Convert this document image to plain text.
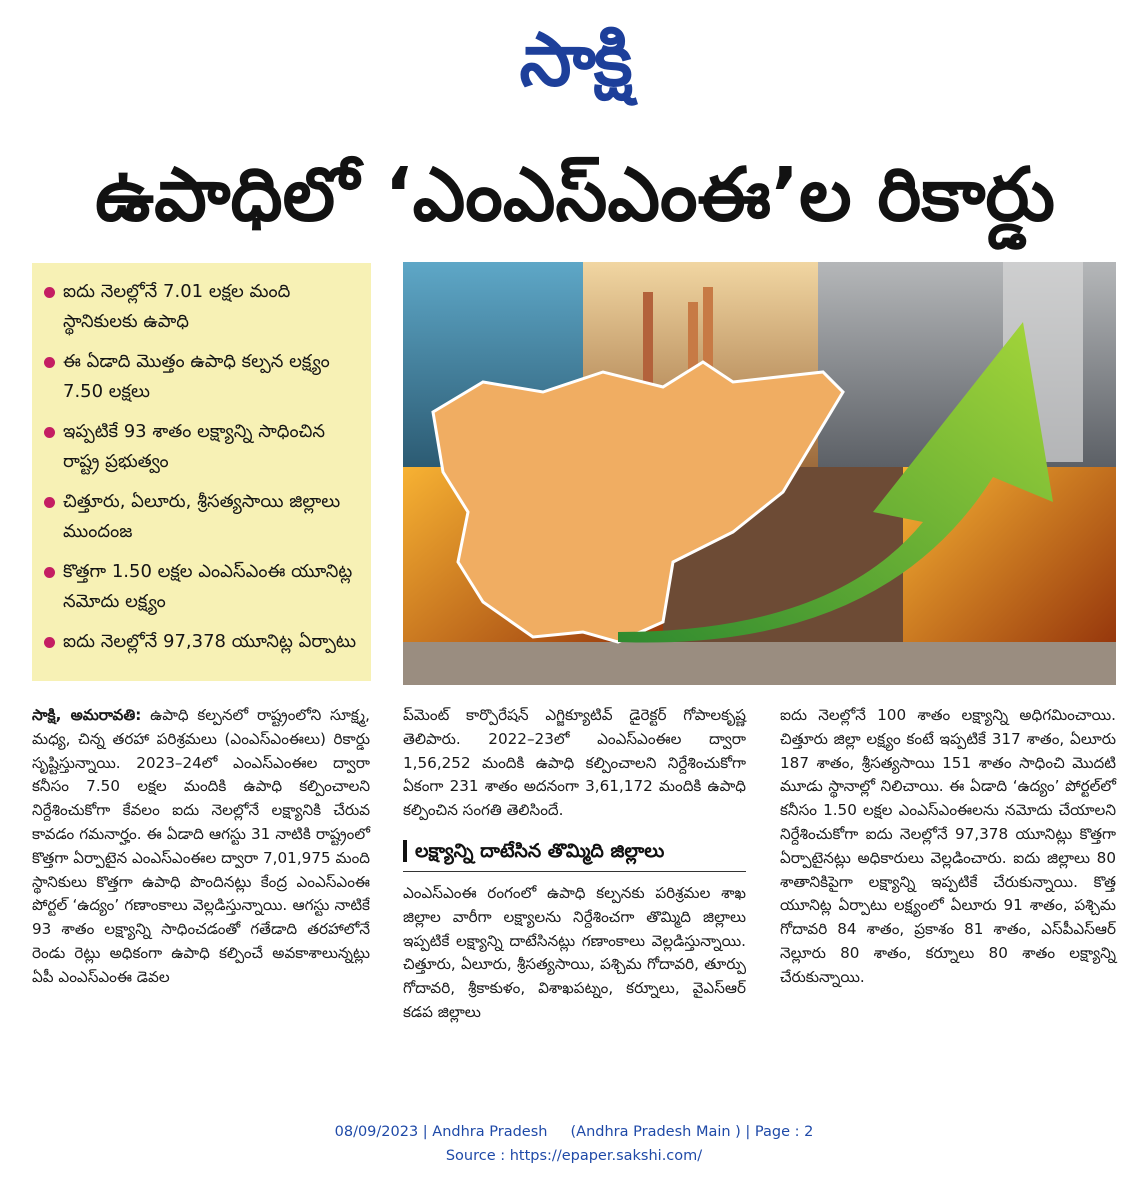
సాక్షి
ఉపాధిలో ‘ఎంఎస్‌ఎంఈ’ల రికార్డు
ఐదు నెలల్లోనే 7.01 లక్షల మంది స్థానికులకు ఉపాధి
ఈ ఏడాది మొత్తం ఉపాధి కల్పన లక్ష్యం 7.50 లక్షలు
ఇప్పటికే 93 శాతం లక్ష్యాన్ని సాధించిన రాష్ట్ర ప్రభుత్వం
చిత్తూరు, ఏలూరు, శ్రీసత్యసాయి జిల్లాలు ముందంజ
కొత్తగా 1.50 లక్షల ఎంఎస్‌ఎంఈ యూనిట్ల నమోదు లక్ష్యం
ఐదు నెలల్లోనే 97,378 యూనిట్ల ఏర్పాటు

సాక్షి, అమరావతి: ఉపాధి కల్పనలో రాష్ట్రంలోని సూక్ష్మ, మధ్య, చిన్న తరహా పరిశ్రమలు (ఎంఎస్‌ఎంఈలు) రికార్డు సృష్టిస్తున్నాయి. 2023–24లో ఎంఎస్‌ఎంఈల ద్వారా కనీసం 7.50 లక్షల మందికి ఉపాధి కల్పించాలని నిర్దేశించుకోగా కేవలం ఐదు నెలల్లోనే లక్ష్యానికి చేరువ కావడం గమనార్హం. ఈ ఏడాది ఆగస్టు 31 నాటికి రాష్ట్రంలో కొత్తగా ఏర్పాటైన ఎంఎస్‌ఎంఈల ద్వారా 7,01,975 మంది స్థానికులు కొత్తగా ఉపాధి పొందినట్లు కేంద్ర ఎంఎస్‌ఎంఈ పోర్టల్‌ ‘ఉద్యం’ గణాంకాలు వెల్లడిస్తున్నాయి. ఆగస్టు నాటికే 93 శాతం లక్ష్యాన్ని సాధించడంతో గతేడాది తరహాలోనే రెండు రెట్లు అధికంగా ఉపాధి కల్పించే అవకాశాలున్నట్లు ఏపీ ఎంఎస్‌ఎంఈ డెవల

ప్‌మెంట్‌ కార్పొరేషన్‌ ఎగ్జిక్యూటివ్‌ డైరెక్టర్‌ గోపాలకృష్ణ తెలిపారు. 2022–23లో ఎంఎస్‌ఎంఈల ద్వారా 1,56,252 మందికి ఉపాధి కల్పించాలని నిర్దేశించుకోగా ఏకంగా 231 శాతం అదనంగా 3,61,172 మందికి ఉపాధి కల్పించిన సంగతి తెలిసిందే.

లక్ష్యాన్ని దాటేసిన తొమ్మిది జిల్లాలు

ఎంఎస్‌ఎంఈ రంగంలో ఉపాధి కల్పనకు పరిశ్రమల శాఖ జిల్లాల వారీగా లక్ష్యాలను నిర్దేశించగా తొమ్మిది జిల్లాలు ఇప్పటికే లక్ష్యాన్ని దాటేసినట్లు గణాంకాలు వెల్లడిస్తున్నాయి. చిత్తూరు, ఏలూరు, శ్రీసత్యసాయి, పశ్చిమ గోదావరి, తూర్పు గోదావరి, శ్రీకాకుళం, విశాఖపట్నం, కర్నూలు, వైఎస్‌ఆర్‌ కడప జిల్లాలు

ఐదు నెలల్లోనే 100 శాతం లక్ష్యాన్ని అధిగమించాయి. చిత్తూరు జిల్లా లక్ష్యం కంటే ఇప్పటికే 317 శాతం, ఏలూరు 187 శాతం, శ్రీసత్యసాయి 151 శాతం సాధించి మొదటి మూడు స్థానాల్లో నిలిచాయి. ఈ ఏడాది ‘ఉద్యం’ పోర్టల్‌లో కనీసం 1.50 లక్షల ఎంఎస్‌ఎంఈలను నమోదు చేయాలని నిర్దేశించుకోగా ఐదు నెలల్లోనే 97,378 యూనిట్లు కొత్తగా ఏర్పాటైనట్లు అధికారులు వెల్లడించారు. ఐదు జిల్లాలు 80 శాతానికిపైగా లక్ష్యాన్ని ఇప్పటికే చేరుకున్నాయి. కొత్త యూనిట్ల ఏర్పాటు లక్ష్యంలో ఏలూరు 91 శాతం, పశ్చిమ గోదావరి 84 శాతం, ప్రకాశం 81 శాతం, ఎస్‌పీఎస్‌ఆర్‌ నెల్లూరు 80 శాతం, కర్నూలు 80 శాతం లక్ష్యాన్ని చేరుకున్నాయి.

08/09/2023 | Andhra Pradesh     (Andhra Pradesh Main ) | Page : 2
Source : https://epaper.sakshi.com/
